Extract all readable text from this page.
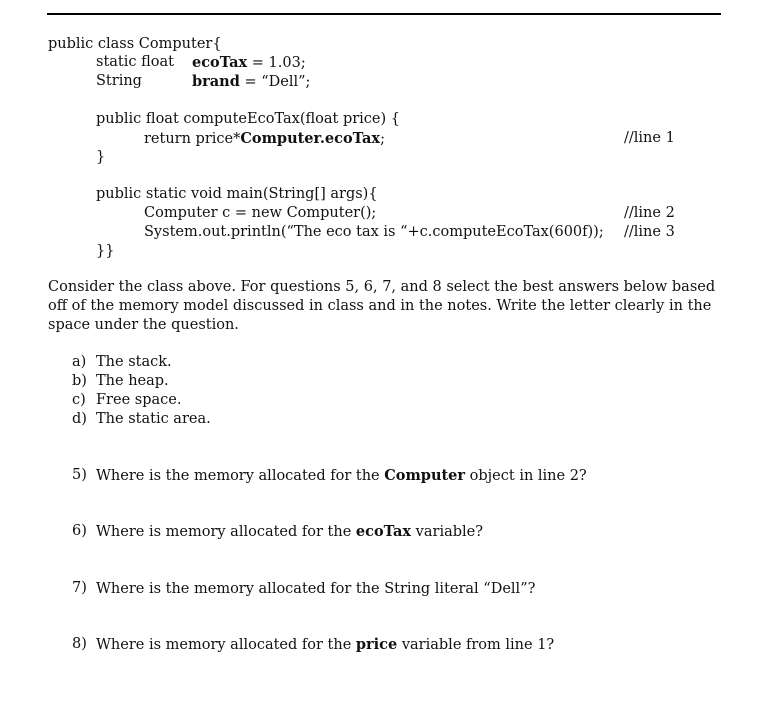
public class Computer{
static float ecoTax = 1.03;
String	brand = “Dell”;
public float computeEcoTax(float price) {
return price*Computer.ecoTax;	//line 1
}
public static void main(String[] args){
Computer c = new Computer();	//line 2
System.out.println(“The eco tax is “+c.computeEcoTax(600f)); //line 3
}}
Consider the class above. For questions 5, 6, 7, and 8 select the best answers below based off of the memory model discussed in class and in the notes. Write the letter clearly in the space under the question.
a) The stack.
b) The heap.
c) Free space.
d) The static area.
5) Where is the memory allocated for the Computer object in line 2?
6) Where is memory allocated for the ecoTax variable?
7) Where is the memory allocated for the String literal “Dell”?
8) Where is memory allocated for the price variable from line 1?
